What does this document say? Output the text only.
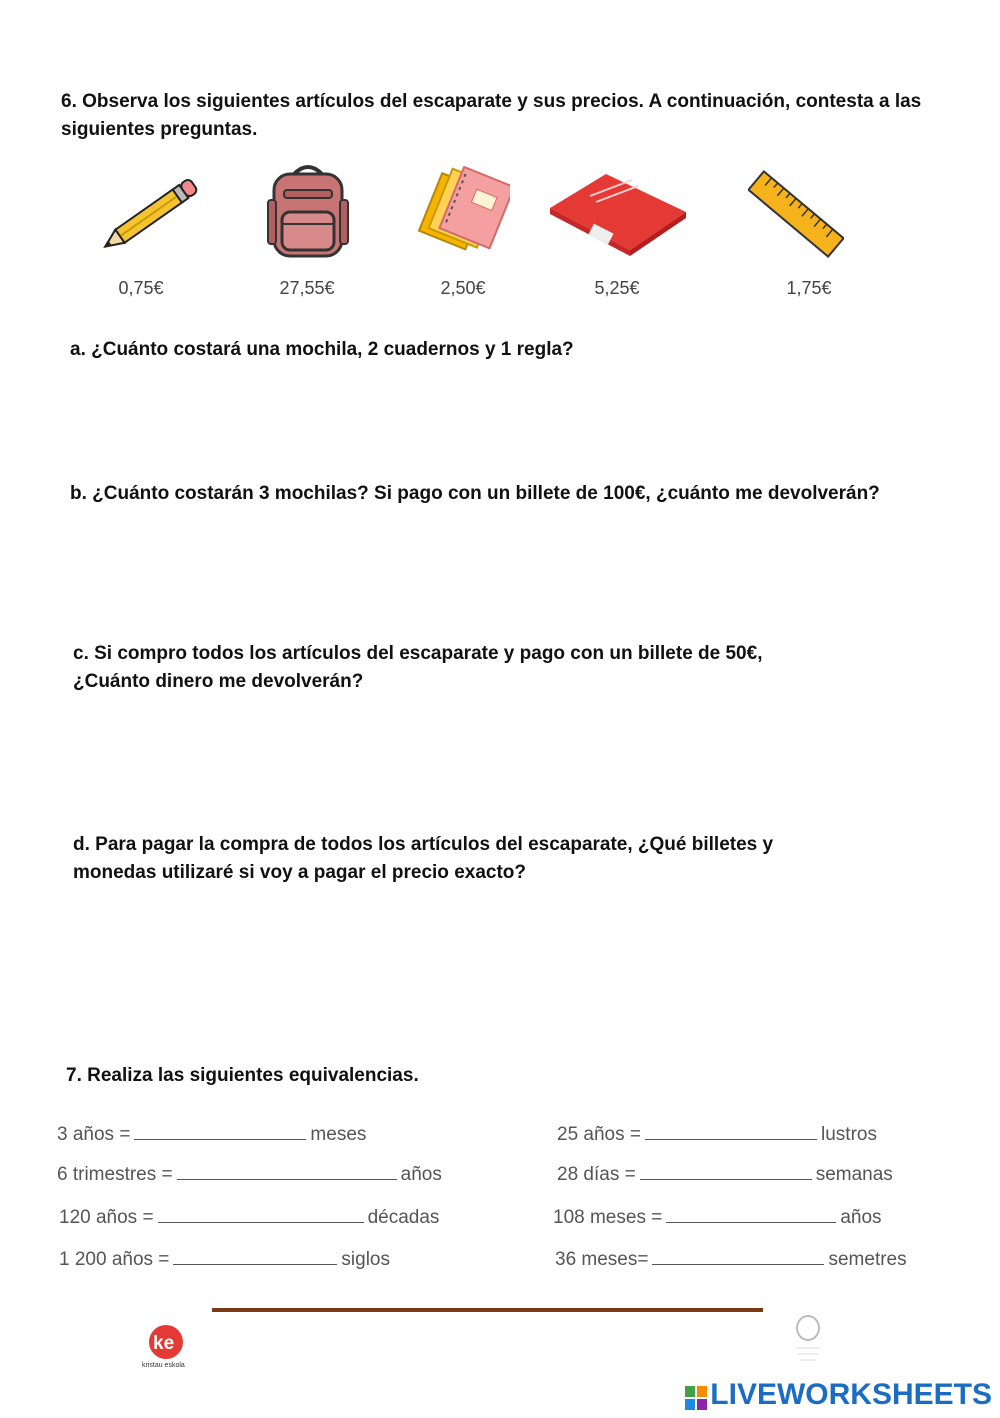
6. Observa los siguientes artículos del escaparate y sus precios. A continuación, contesta a las siguientes preguntas.
0,75€	27,55€	2,50€	5,25€	1,75€
a. ¿Cuánto costará una mochila, 2 cuadernos y 1 regla?
b. ¿Cuánto costarán 3 mochilas? Si pago con un billete de 100€, ¿cuánto me devolverán?
c. Si compro todos los artículos del escaparate y pago con un billete de 50€,
¿Cuánto dinero me devolverán?
d. Para pagar la compra de todos los artículos del escaparate, ¿Qué billetes y
monedas utilizaré si voy a pagar el precio exacto?
7. Realiza las siguientes equivalencias.
3 años =	meses
6 trimestres =	años
120 años =	décadas
1 200 años =	siglos
25 años =	lustros
28 días =	semanas
108 meses =	años
36 meses=	semetres
ke
kristau eskola
LIVEWORKSHEETS
